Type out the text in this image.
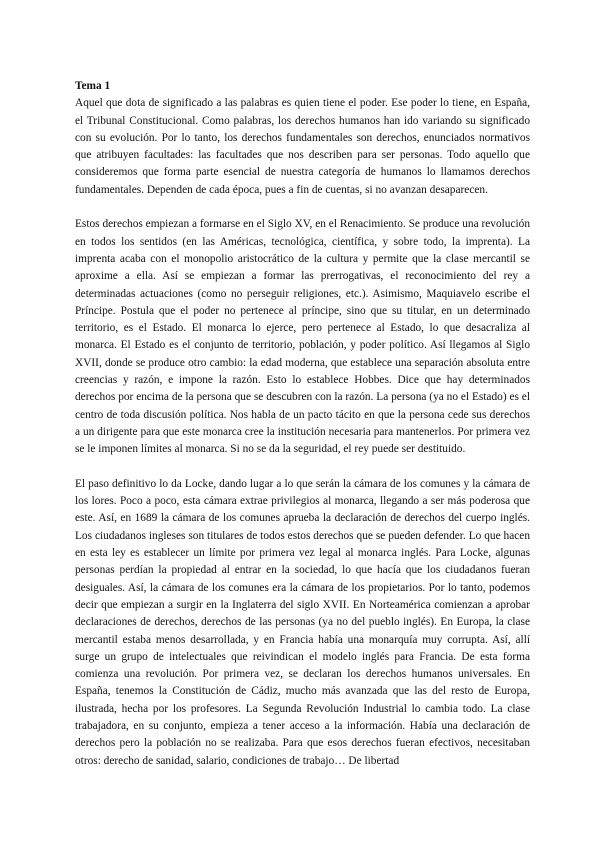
Tema 1

Aquel que dota de significado a las palabras es quien tiene el poder. Ese poder lo tiene, en España, el Tribunal Constitucional. Como palabras, los derechos humanos han ido variando su significado con su evolución. Por lo tanto, los derechos fundamentales son derechos, enunciados normativos que atribuyen facultades: las facultades que nos describen para ser personas. Todo aquello que consideremos que forma parte esencial de nuestra categoría de humanos lo llamamos derechos fundamentales. Dependen de cada época, pues a fin de cuentas, si no avanzan desaparecen.

Estos derechos empiezan a formarse en el Siglo XV, en el Renacimiento. Se produce una revolución en todos los sentidos (en las Américas, tecnológica, científica, y sobre todo, la imprenta). La imprenta acaba con el monopolio aristocrático de la cultura y permite que la clase mercantil se aproxime a ella. Así se empiezan a formar las prerrogativas, el reconocimiento del rey a determinadas actuaciones (como no perseguir religiones, etc.). Asimismo, Maquiavelo escribe el Príncipe. Postula que el poder no pertenece al príncipe, sino que su titular, en un determinado territorio, es el Estado. El monarca lo ejerce, pero pertenece al Estado, lo que desacraliza al monarca. El Estado es el conjunto de territorio, población, y poder político. Así llegamos al Siglo XVII, donde se produce otro cambio: la edad moderna, que establece una separación absoluta entre creencias y razón, e impone la razón. Esto lo establece Hobbes. Dice que hay determinados derechos por encima de la persona que se descubren con la razón. La persona (ya no el Estado) es el centro de toda discusión política. Nos habla de un pacto tácito en que la persona cede sus derechos a un dirigente para que este monarca cree la institución necesaria para mantenerlos. Por primera vez se le imponen límites al monarca. Si no se da la seguridad, el rey puede ser destituido.

El paso definitivo lo da Locke, dando lugar a lo que serán la cámara de los comunes y la cámara de los lores. Poco a poco, esta cámara extrae privilegios al monarca, llegando a ser más poderosa que este. Así, en 1689 la cámara de los comunes aprueba la declaración de derechos del cuerpo inglés. Los ciudadanos ingleses son titulares de todos estos derechos que se pueden defender. Lo que hacen en esta ley es establecer un límite por primera vez legal al monarca inglés. Para Locke, algunas personas perdían la propiedad al entrar en la sociedad, lo que hacía que los ciudadanos fueran desiguales. Así, la cámara de los comunes era la cámara de los propietarios. Por lo tanto, podemos decir que empiezan a surgir en la Inglaterra del siglo XVII. En Norteamérica comienzan a aprobar declaraciones de derechos, derechos de las personas (ya no del pueblo inglés). En Europa, la clase mercantil estaba menos desarrollada, y en Francia había una monarquía muy corrupta. Así, allí surge un grupo de intelectuales que reivindican el modelo inglés para Francia. De esta forma comienza una revolución. Por primera vez, se declaran los derechos humanos universales. En España, tenemos la Constitución de Cádiz, mucho más avanzada que las del resto de Europa, ilustrada, hecha por los profesores. La Segunda Revolución Industrial lo cambia todo. La clase trabajadora, en su conjunto, empieza a tener acceso a la información. Había una declaración de derechos pero la población no se realizaba. Para que esos derechos fueran efectivos, necesitaban otros: derecho de sanidad, salario, condiciones de trabajo… De libertad
